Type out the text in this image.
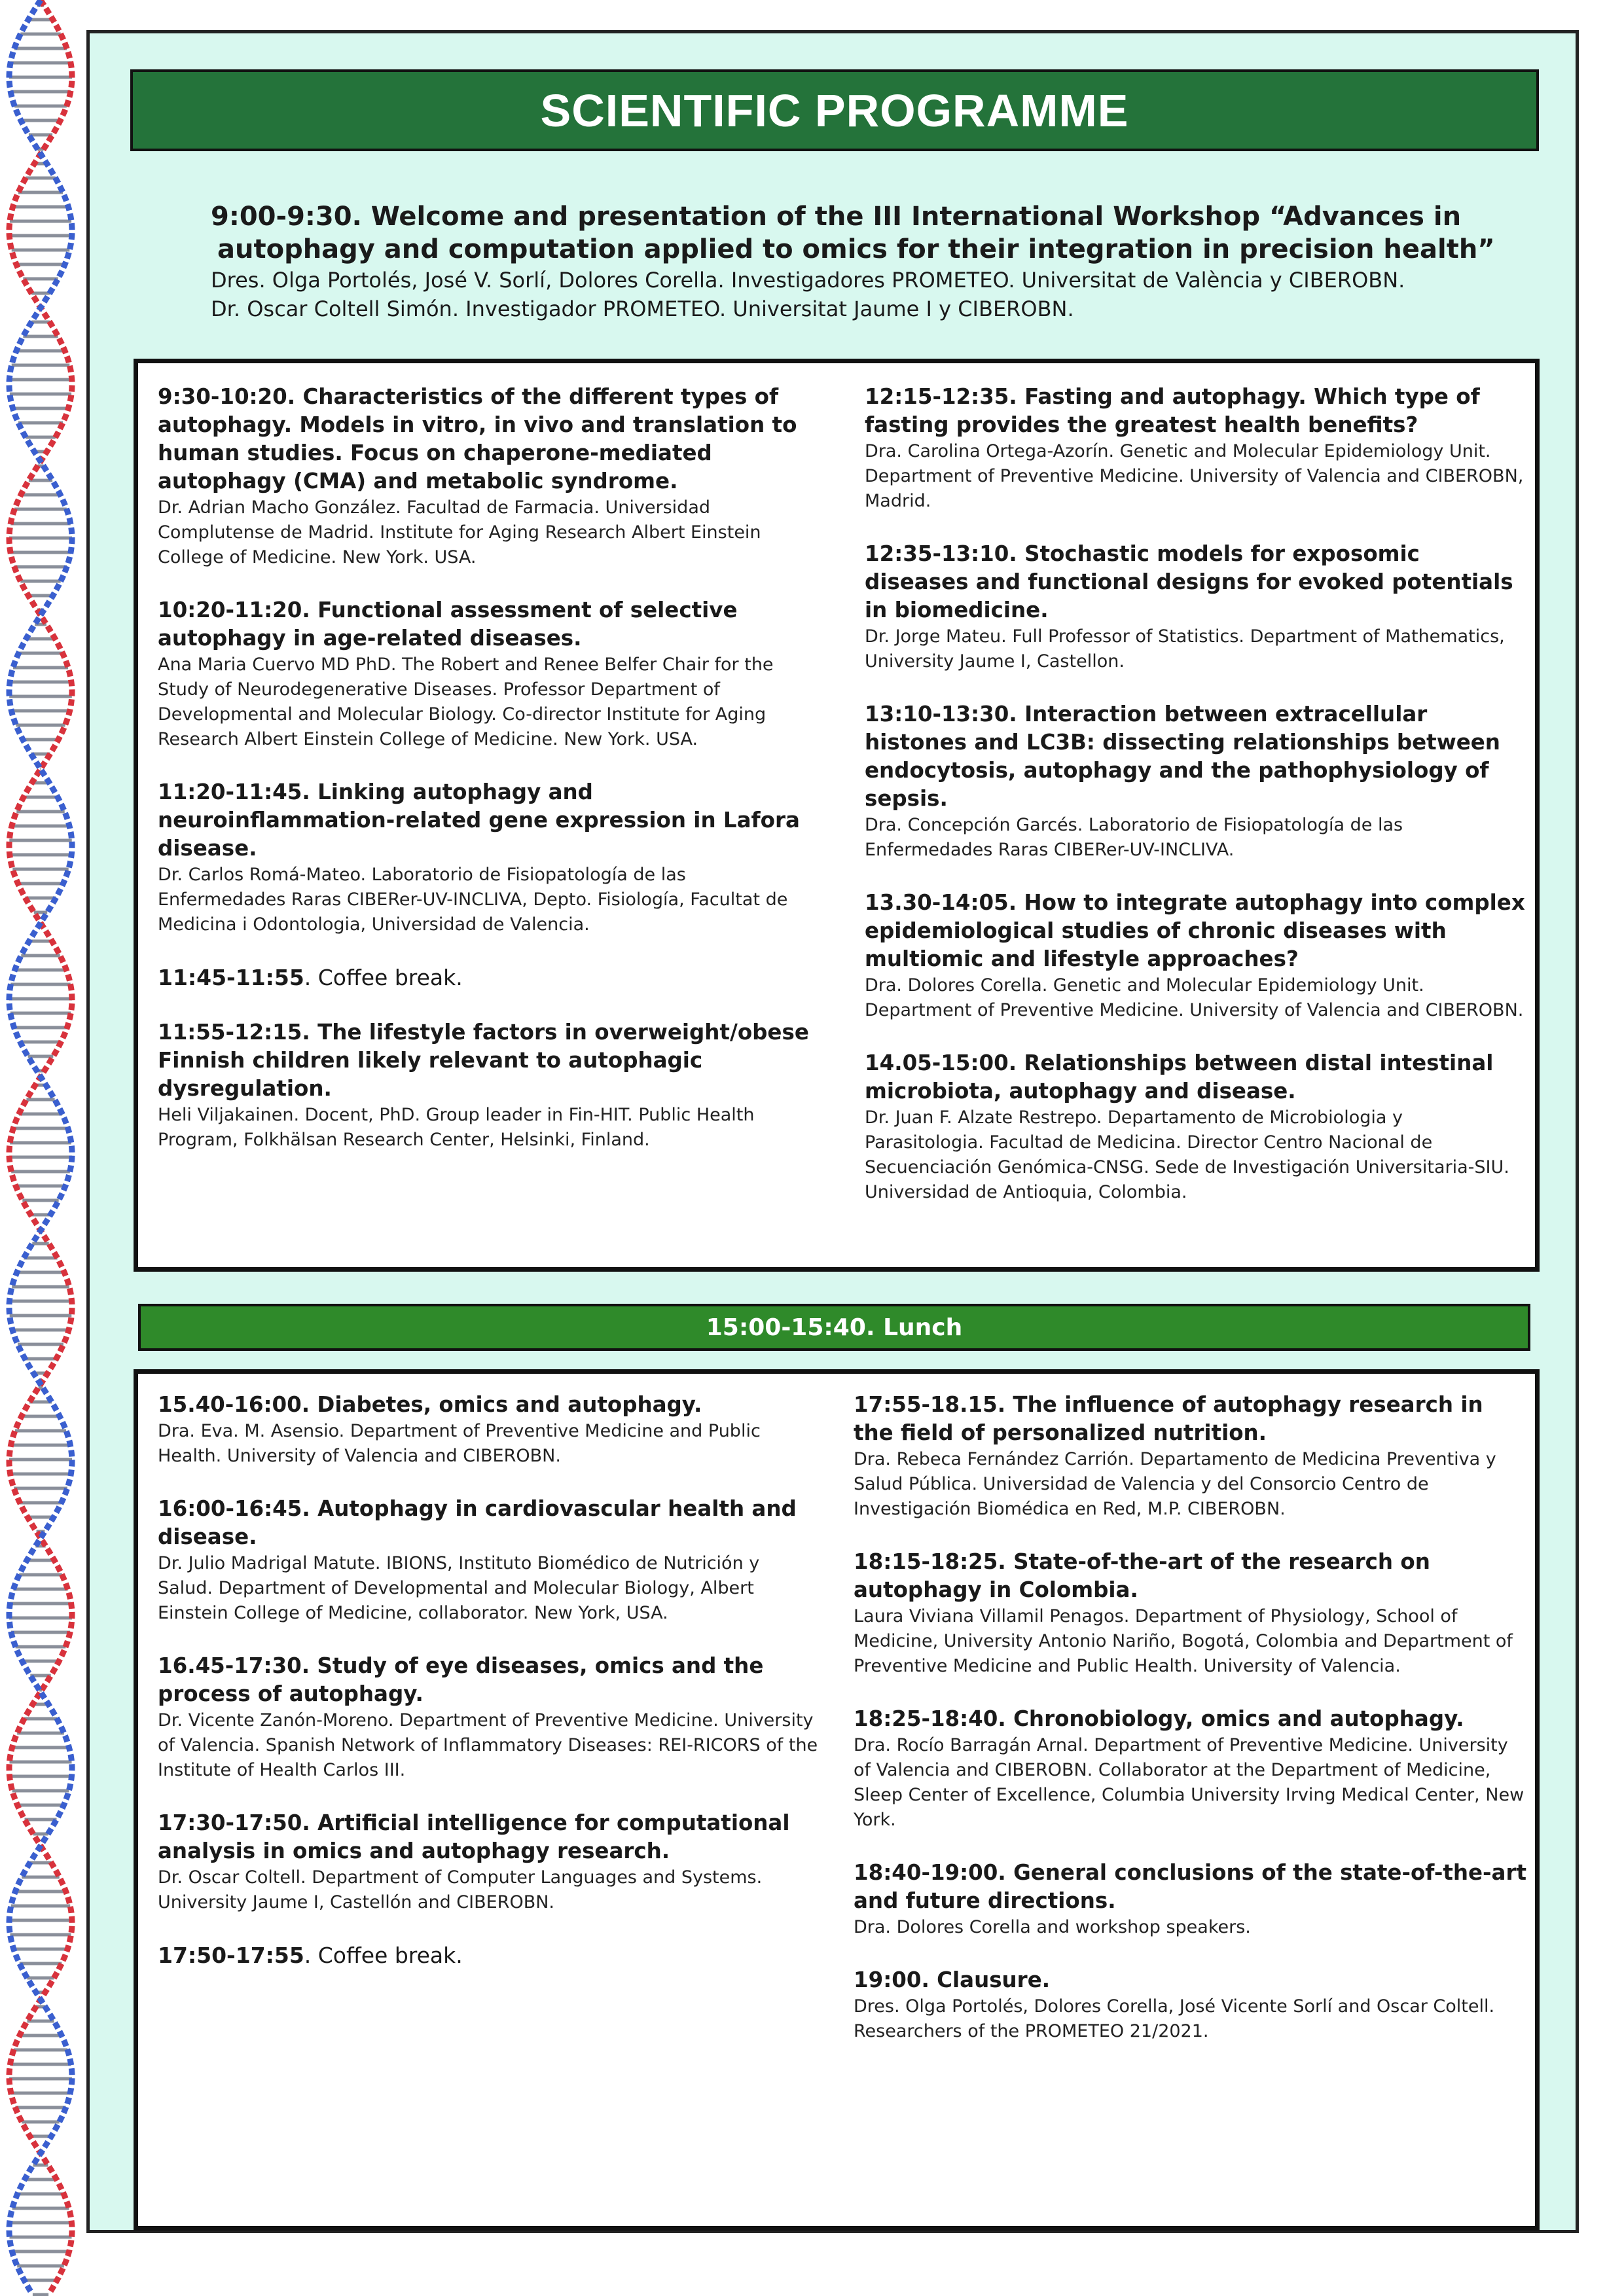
SCIENTIFIC PROGRAMME
9:00-9:30. Welcome and presentation of the III International Workshop “Advances in
autophagy and computation applied to omics for their integration in precision health”
Dres. Olga Portolés, José V. Sorlí, Dolores Corella. Investigadores PROMETEO. Universitat de València y CIBEROBN.
Dr. Oscar Coltell Simón. Investigador PROMETEO. Universitat Jaume I y CIBEROBN.
9:30-10:20. Characteristics of the different types of autophagy. Models in vitro, in vivo and translation to human studies. Focus on chaperone-mediated autophagy (CMA) and metabolic syndrome.
Dr. Adrian Macho González. Facultad de Farmacia. Universidad Complutense de Madrid. Institute for Aging Research Albert Einstein College of Medicine. New York. USA.
10:20-11:20. Functional assessment of selective autophagy in age-related diseases.
Ana Maria Cuervo MD PhD. The Robert and Renee Belfer Chair for the Study of Neurodegenerative Diseases. Professor Department of Developmental and Molecular Biology. Co-director Institute for Aging Research Albert Einstein College of Medicine. New York. USA.
11:20-11:45. Linking autophagy and neuroinflammation-related gene expression in Lafora disease.
Dr. Carlos Romá-Mateo. Laboratorio de Fisiopatología de las Enfermedades Raras CIBERer-UV-INCLIVA, Depto. Fisiología, Facultat de Medicina i Odontologia, Universidad de Valencia.
11:45-11:55. Coffee break.
11:55-12:15. The lifestyle factors in overweight/obese Finnish children likely relevant to autophagic dysregulation.
Heli Viljakainen. Docent, PhD. Group leader in Fin-HIT. Public Health Program, Folkhälsan Research Center, Helsinki, Finland.
12:15-12:35. Fasting and autophagy. Which type of fasting provides the greatest health benefits?
Dra. Carolina Ortega-Azorín. Genetic and Molecular Epidemiology Unit. Department of Preventive Medicine. University of Valencia and CIBEROBN, Madrid.
12:35-13:10. Stochastic models for exposomic diseases and functional designs for evoked potentials in biomedicine.
Dr. Jorge Mateu. Full Professor of Statistics. Department of Mathematics, University Jaume I, Castellon.
13:10-13:30. Interaction between extracellular histones and LC3B: dissecting relationships between endocytosis, autophagy and the pathophysiology of sepsis.
Dra. Concepción Garcés. Laboratorio de Fisiopatología de las Enfermedades Raras CIBERer-UV-INCLIVA.
13.30-14:05. How to integrate autophagy into complex epidemiological studies of chronic diseases with multiomic and lifestyle approaches?
Dra. Dolores Corella. Genetic and Molecular Epidemiology Unit. Department of Preventive Medicine. University of Valencia and CIBEROBN.
14.05-15:00. Relationships between distal intestinal microbiota, autophagy and disease.
Dr. Juan F. Alzate Restrepo. Departamento de Microbiologia y Parasitologia. Facultad de Medicina. Director Centro Nacional de Secuenciación Genómica-CNSG. Sede de Investigación Universitaria-SIU. Universidad de Antioquia, Colombia.
15:00-15:40. Lunch
15.40-16:00. Diabetes, omics and autophagy.
Dra. Eva. M. Asensio. Department of Preventive Medicine and Public Health. University of Valencia and CIBEROBN.
16:00-16:45. Autophagy in cardiovascular health and disease.
Dr. Julio Madrigal Matute. IBIONS, Instituto Biomédico de Nutrición y Salud. Department of Developmental and Molecular Biology, Albert Einstein College of Medicine, collaborator. New York, USA.
16.45-17:30. Study of eye diseases, omics and the process of autophagy.
Dr. Vicente Zanón-Moreno. Department of Preventive Medicine. University of Valencia. Spanish Network of Inflammatory Diseases: REI-RICORS of the Institute of Health Carlos III.
17:30-17:50. Artificial intelligence for computational analysis in omics and autophagy research.
Dr. Oscar Coltell. Department of Computer Languages and Systems. University Jaume I, Castellón and CIBEROBN.
17:50-17:55. Coffee break.
17:55-18.15. The influence of autophagy research in the field of personalized nutrition.
Dra. Rebeca Fernández Carrión. Departamento de Medicina Preventiva y Salud Pública. Universidad de Valencia y del Consorcio Centro de Investigación Biomédica en Red, M.P. CIBEROBN.
18:15-18:25. State-of-the-art of the research on autophagy in Colombia.
Laura Viviana Villamil Penagos. Department of Physiology, School of Medicine, University Antonio Nariño, Bogotá, Colombia and Department of Preventive Medicine and Public Health. University of Valencia.
18:25-18:40. Chronobiology, omics and autophagy.
Dra. Rocío Barragán Arnal. Department of Preventive Medicine. University of Valencia and CIBEROBN. Collaborator at the Department of Medicine, Sleep Center of Excellence, Columbia University Irving Medical Center, New York.
18:40-19:00. General conclusions of the state-of-the-art and future directions.
Dra. Dolores Corella and workshop speakers.
19:00. Clausure.
Dres. Olga Portolés, Dolores Corella, José Vicente Sorlí and Oscar Coltell. Researchers of the PROMETEO 21/2021.
